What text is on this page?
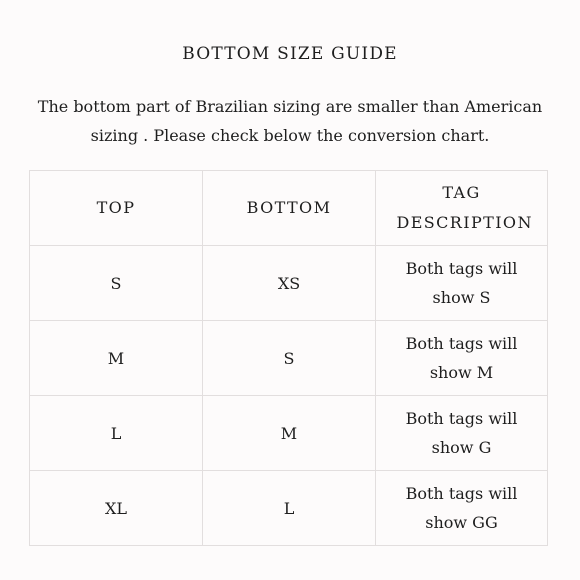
BOTTOM SIZE GUIDE
The bottom part of Brazilian sizing are smaller than American sizing . Please check below the conversion chart.
TOP	BOTTOM	TAG DESCRIPTION
S	XS	Both tags will show S
M	S	Both tags will show M
L	M	Both tags will show G
XL	L	Both tags will show GG
